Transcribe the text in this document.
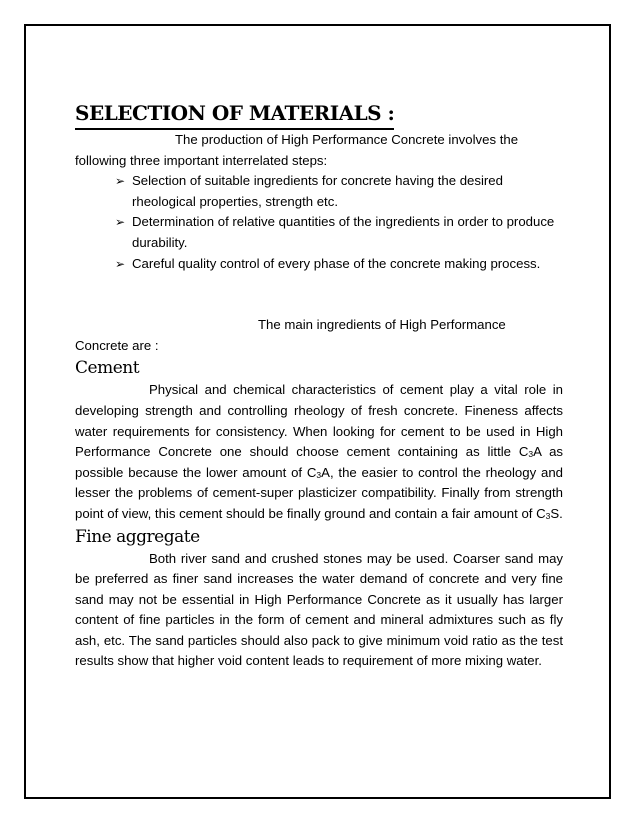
SELECTION OF MATERIALS :

The production of High Performance Concrete involves the

following three important interrelated steps:

➢ Selection of suitable ingredients for concrete having the desired rheological properties, strength etc.
➢ Determination of relative quantities of the ingredients in order to produce durability.
➢ Careful quality control of every phase of the concrete making process.

The main ingredients of High Performance

Concrete are :

Cement

Physical and chemical characteristics of cement play a vital role in developing strength and controlling rheology of fresh concrete. Fineness affects water requirements for consistency. When looking for cement to be used in High Performance Concrete one should choose cement containing as little $C_3A$ as possible because the lower amount of $C_3A$, the easier to control the rheology and lesser the problems of cement-super plasticizer compatibility. Finally from strength point of view, this cement should be finally ground and contain a fair amount of $C_3S$.

Fine aggregate

Both river sand and crushed stones may be used. Coarser sand may be preferred as finer sand increases the water demand of concrete and very fine sand may not be essential in High Performance Concrete as it usually has larger content of fine particles in the form of cement and mineral admixtures such as fly ash, etc. The sand particles should also pack to give minimum void ratio as the test results show that higher void content leads to requirement of more mixing water.
